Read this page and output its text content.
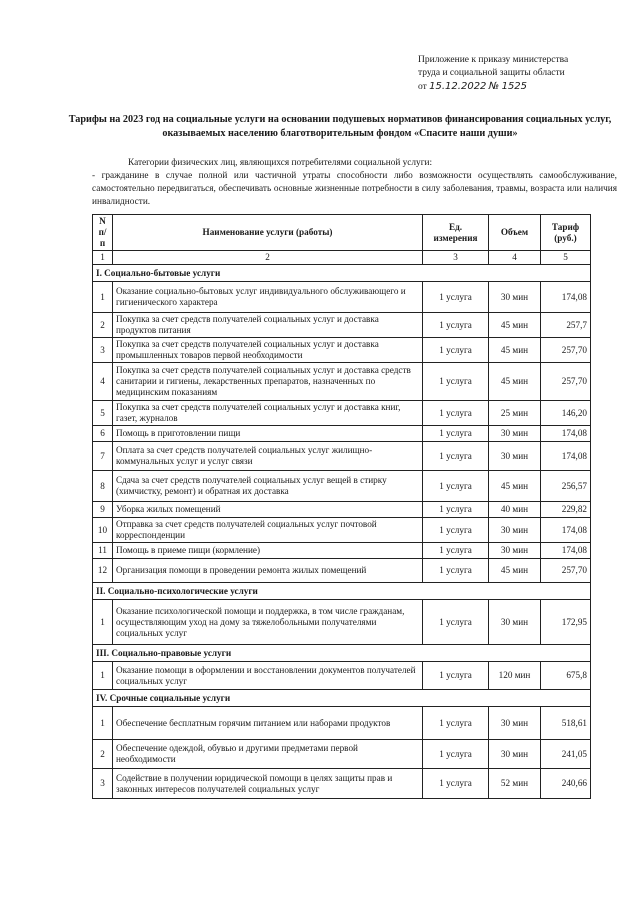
Приложение к приказу министерства
труда и социальной защиты области
от 15.12.2022 № 1525
Тарифы на 2023 год на социальные услуги на основании подушевых нормативов финансирования социальных услуг, оказываемых населению благотворительным фондом «Спасите наши души»

Категории физических лиц, являющихся потребителями социальной услуги:

- гражданине в случае полной или частичной утраты способности либо возможности осуществлять самообслуживание, самостоятельно передвигаться, обеспечивать основные жизненные потребности в силу заболевания, травмы, возраста или наличия инвалидности.

N п/п	Наименование услуги (работы)	Ед. измерения	Объем	Тариф (руб.)
1	2	3	4	5
I. Социально-бытовые услуги				
1	Оказание социально-бытовых услуг индивидуального обслуживающего и гигиенического характера	1 услуга	30 мин	174,08
2	Покупка за счет средств получателей социальных услуг и доставка продуктов питания	1 услуга	45 мин	257,7
3	Покупка за счет средств получателей социальных услуг и доставка промышленных товаров первой необходимости	1 услуга	45 мин	257,70
4	Покупка за счет средств получателей социальных услуг и доставка средств санитарии и гигиены, лекарственных препаратов, назначенных по медицинским показаниям	1 услуга	45 мин	257,70
5	Покупка за счет средств получателей социальных услуг и доставка книг, газет, журналов	1 услуга	25 мин	146,20
6	Помощь в приготовлении пищи	1 услуга	30 мин	174,08
7	Оплата за счет средств получателей социальных услуг жилищно-коммунальных услуг и услуг связи	1 услуга	30 мин	174,08
8	Сдача за счет средств получателей социальных услуг вещей в стирку (химчистку, ремонт) и обратная их доставка	1 услуга	45 мин	256,57
9	Уборка жилых помещений	1 услуга	40 мин	229,82
10	Отправка за счет средств получателей социальных услуг почтовой корреспонденции	1 услуга	30 мин	174,08
11	Помощь в приеме пищи (кормление)	1 услуга	30 мин	174,08
12	Организация помощи в проведении ремонта жилых помещений	1 услуга	45 мин	257,70
II. Социально-психологические услуги				
1	Оказание психологической помощи и поддержка, в том числе гражданам, осуществляющим уход на дому за тяжелобольными получателями социальных услуг	1 услуга	30 мин	172,95
III. Социально-правовые услуги				
1	Оказание помощи в оформлении и восстановлении документов получателей социальных услуг	1 услуга	120 мин	675,8
IV. Срочные социальные услуги				
1	Обеспечение бесплатным горячим питанием или наборами продуктов	1 услуга	30 мин	518,61
2	Обеспечение одеждой, обувью и другими предметами первой необходимости	1 услуга	30 мин	241,05
3	Содействие в получении юридической помощи в целях защиты прав и законных интересов получателей социальных услуг	1 услуга	52 мин	240,66
